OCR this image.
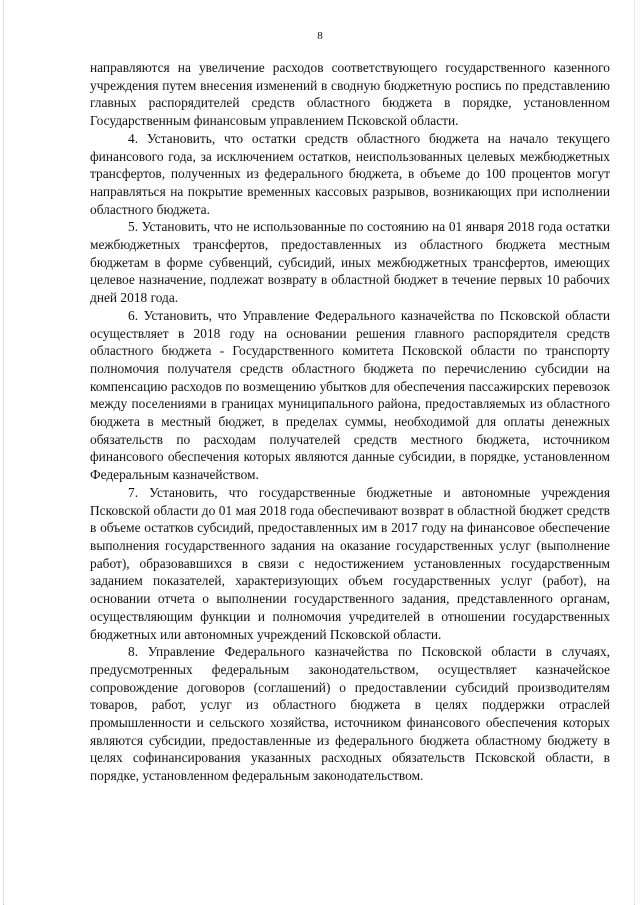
8

направляются на увеличение расходов соответствующего государственного казенного учреждения путем внесения изменений в сводную бюджетную роспись по представлению главных распорядителей средств областного бюджета в порядке, установленном Государственным финансовым управлением Псковской области.

4. Установить, что остатки средств областного бюджета на начало текущего финансового года, за исключением остатков, неиспользованных целевых межбюджетных трансфертов, полученных из федерального бюджета, в объеме до 100 процентов могут направляться на покрытие временных кассовых разрывов, возникающих при исполнении областного бюджета.

5. Установить, что не использованные по состоянию на 01 января 2018 года остатки межбюджетных трансфертов, предоставленных из областного бюджета местным бюджетам в форме субвенций, субсидий, иных межбюджетных трансфертов, имеющих целевое назначение, подлежат возврату в областной бюджет в течение первых 10 рабочих дней 2018 года.

6. Установить, что Управление Федерального казначейства по Псковской области осуществляет в 2018 году на основании решения главного распорядителя средств областного бюджета - Государственного комитета Псковской области по транспорту полномочия получателя средств областного бюджета по перечислению субсидии на компенсацию расходов по возмещению убытков для обеспечения пассажирских перевозок между поселениями в границах муниципального района, предоставляемых из областного бюджета в местный бюджет, в пределах суммы, необходимой для оплаты денежных обязательств по расходам получателей средств местного бюджета, источником финансового обеспечения которых являются данные субсидии, в порядке, установленном Федеральным казначейством.

7. Установить, что государственные бюджетные и автономные учреждения Псковской области до 01 мая 2018 года обеспечивают возврат в областной бюджет средств в объеме остатков субсидий, предоставленных им в 2017 году на финансовое обеспечение выполнения государственного задания на оказание государственных услуг (выполнение работ), образовавшихся в связи с недостижением установленных государственным заданием показателей, характеризующих объем государственных услуг (работ), на основании отчета о выполнении государственного задания, представленного органам, осуществляющим функции и полномочия учредителей в отношении государственных бюджетных или автономных учреждений Псковской области.

8. Управление Федерального казначейства по Псковской области в случаях, предусмотренных федеральным законодательством, осуществляет казначейское сопровождение договоров (соглашений) о предоставлении субсидий производителям товаров, работ, услуг из областного бюджета в целях поддержки отраслей промышленности и сельского хозяйства, источником финансового обеспечения которых являются субсидии, предоставленные из федерального бюджета областному бюджету в целях софинансирования указанных расходных обязательств Псковской области, в порядке, установленном федеральным законодательством.
